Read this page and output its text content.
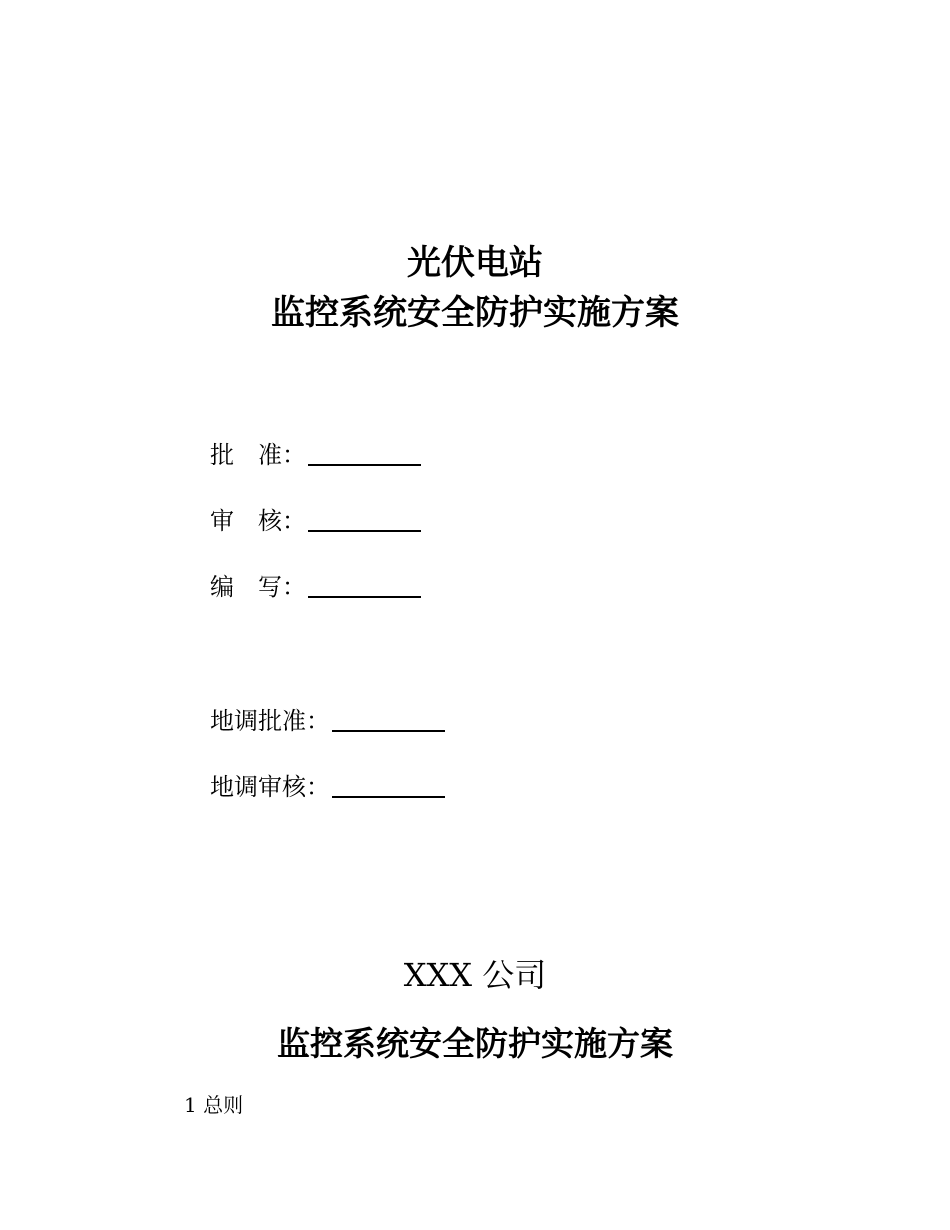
光伏电站
监控系统安全防护实施方案
批　准 ：
审　核 ：
编　写 ：
地调批准 ：
地调审核 ：
XXX 公司
监控系统安全防护实施方案
1 总则
